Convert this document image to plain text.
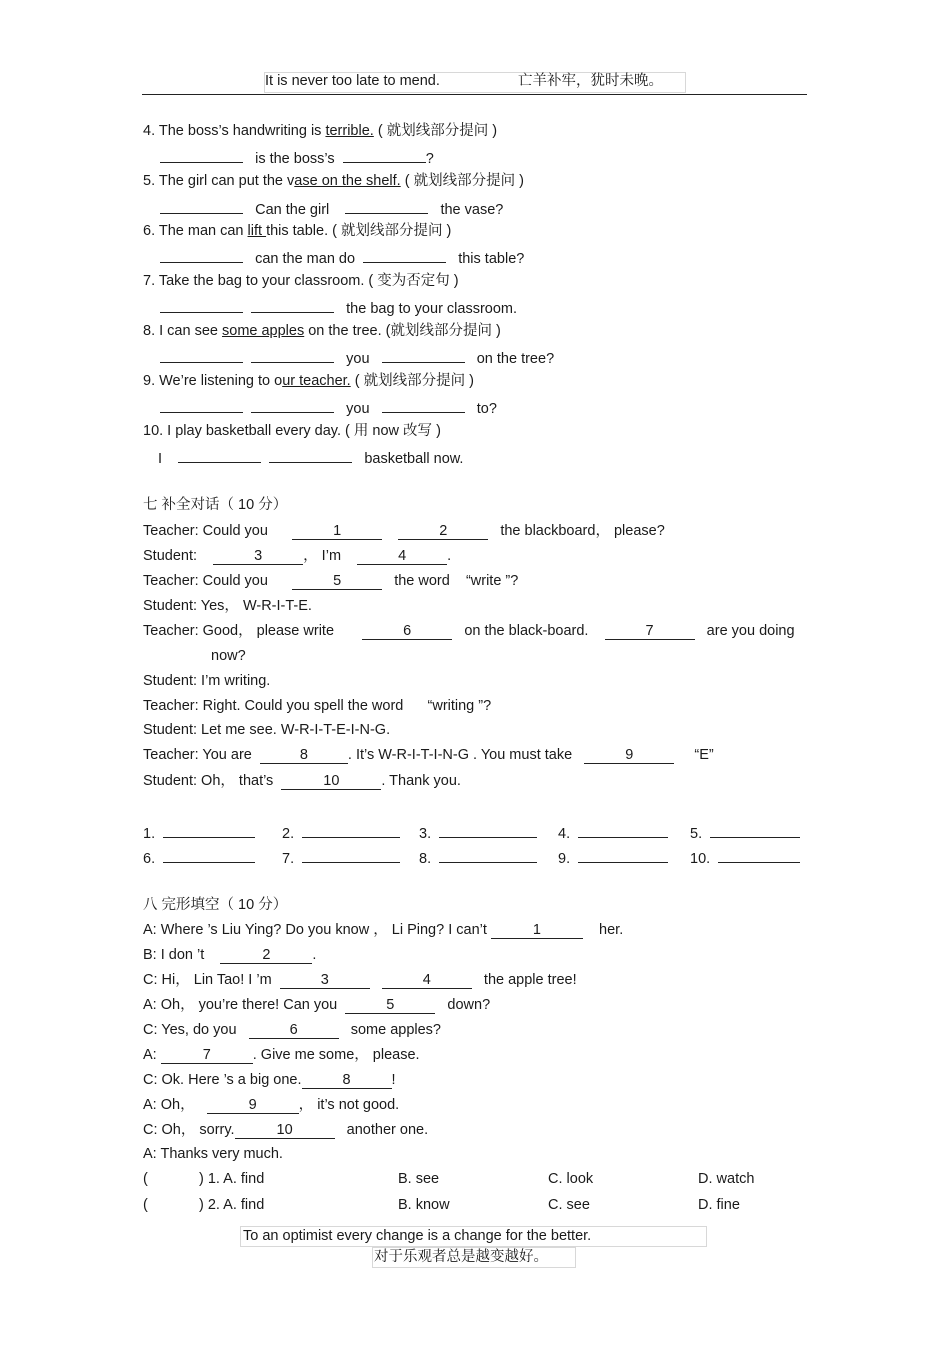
It is never too late to mend.	亡羊补牢，犹时未晚。
4. The boss’s handwriting is terrible. ( 就划线部分提问 )
is the boss’s	?
5. The girl can put the vase on the shelf. ( 就划线部分提问 )
Can the girl	the vase?
6. The man can lift this table. ( 就划线部分提问 )
can the man do	this table?
7. Take the bag to your classroom. ( 变为否定句 )
the bag to your classroom.
8. I can see some apples on the tree. (就划线部分提问 )
you	on the tree?
9. We’re listening to our teacher. ( 就划线部分提问 )
you	to?
10. I play basketball every day. ( 用 now 改写 )
I	basketball now.
七 补全对话（ 10 分）
Teacher: Could you	1	2	the blackboard， please?
Student:	3	， I’m	4	.
Teacher: Could you	5	the word “write ”?
Student: Yes， W-R-I-T-E.
Teacher: Good， please write	6	on the black-board.	7	are you doing
now?
Student: I’m writing.
Teacher: Right. Could you spell the word “writing ”?
Student: Let me see. W-R-I-T-E-I-N-G.
Teacher: You are	8	. It’s W-R-I-T-I-N-G . You must take	9	“E”
Student: Oh， that’s	10	. Thank you.
1.	2.	3.	4.	5.
6.	7.	8.	9.	10.
八 完形填空（ 10 分）
A: Where ’s Liu Ying? Do you know ， Li Ping? I can’t	1	her.
B: I don ’t	2	.
C: Hi， Lin Tao! I ’m	3	4	the apple tree!
A: Oh， you’re there! Can you	5	down?
C: Yes, do you	6	some apples?
A:	7	. Give me some， please.
C: Ok. Here ’s a big one.	8	!
A: Oh，	9	， it’s not good.
C: Oh， sorry.	10	another one.
A: Thanks very much.
(	) 1. A. find	B. see	C. look	D. watch
(	) 2. A. find	B. know	C. see	D. fine
To an optimist every change is a change for the better.
对于乐观者总是越变越好。
